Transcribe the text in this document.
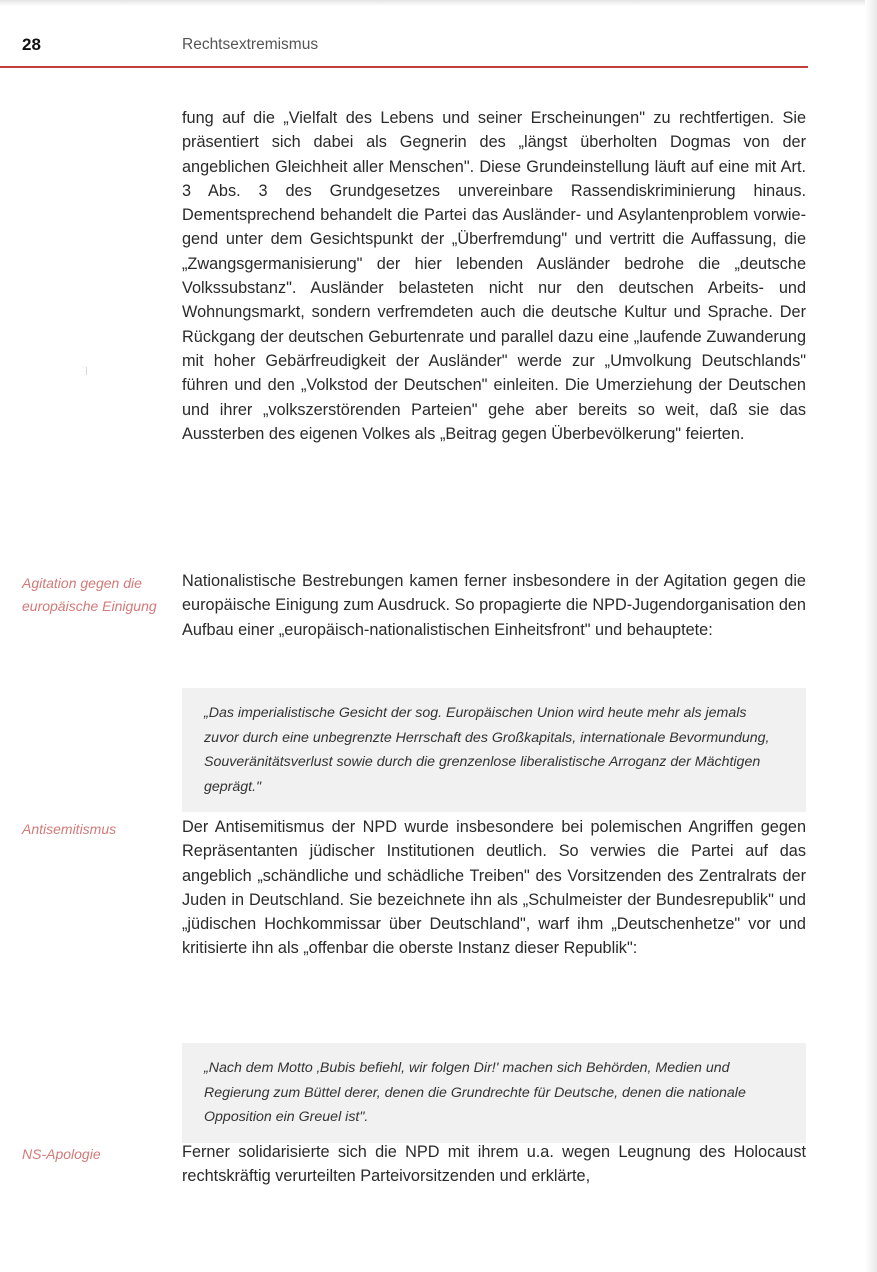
28	Rechtsextremismus

fung auf die „Vielfalt des Lebens und seiner Erscheinungen" zu rechtfertigen. Sie präsentiert sich dabei als Gegnerin des „längst überholten Dogmas von der angeblichen Gleichheit aller Menschen". Diese Grundeinstellung läuft auf eine mit Art. 3 Abs. 3 des Grundgesetzes unvereinbare Rassendiskriminierung hinaus. Dementsprechend behandelt die Partei das Ausländer- und Asylantenproblem vorwiegend unter dem Gesichtspunkt der „Überfremdung" und vertritt die Auffassung, die „Zwangsgermanisierung" der hier lebenden Ausländer bedrohe die „deutsche Volkssubstanz". Ausländer belasteten nicht nur den deutschen Arbeits- und Wohnungsmarkt, sondern verfremdeten auch die deutsche Kultur und Sprache. Der Rückgang der deutschen Geburtenrate und parallel dazu eine „laufende Zuwanderung mit hoher Gebärfreudigkeit der Ausländer" werde zur „Umvolkung Deutschlands" führen und den „Volkstod der Deutschen" einleiten. Die Umerziehung der Deutschen und ihrer „volkszerstörenden Parteien" gehe aber bereits so weit, daß sie das Aussterben des eigenen Volkes als „Beitrag gegen Überbevölkerung" feierten.

Agitation gegen die europäische Einigung

Nationalistische Bestrebungen kamen ferner insbesondere in der Agitation gegen die europäische Einigung zum Ausdruck. So propagierte die NPD-Jugendorganisation den Aufbau einer „europäisch-nationalistischen Einheitsfront" und behauptete:

„Das imperialistische Gesicht der sog. Europäischen Union wird heute mehr als jemals zuvor durch eine unbegrenzte Herrschaft des Großkapitals, internationale Bevormundung, Souveränitätsverlust sowie durch die grenzenlose liberalistische Arroganz der Mächtigen geprägt."
Antisemitismus	Der Antisemitismus der NPD wurde insbesondere bei polemischen Angriffen gegen Repräsentanten jüdischer Institutionen deutlich. So verwies die Partei auf das angeblich „schändliche und schädliche Treiben" des Vorsitzenden des Zentralrats der Juden in Deutschland. Sie bezeichnete ihn als „Schulmeister der Bundesrepublik" und „jüdischen Hochkommissar über Deutschland", warf ihm „Deutschenhetze" vor und kritisierte ihn als „offenbar die oberste Instanz dieser Republik":

„Nach dem Motto ‚Bubis befiehl, wir folgen Dir!' machen sich Behörden, Medien und Regierung zum Büttel derer, denen die Grundrechte für Deutsche, denen die nationale Opposition ein Greuel ist".
NS-Apologie	Ferner solidarisierte sich die NPD mit ihrem u.a. wegen Leugnung des Holocaust rechtskräftig verurteilten Parteivorsitzenden und erklärte,
